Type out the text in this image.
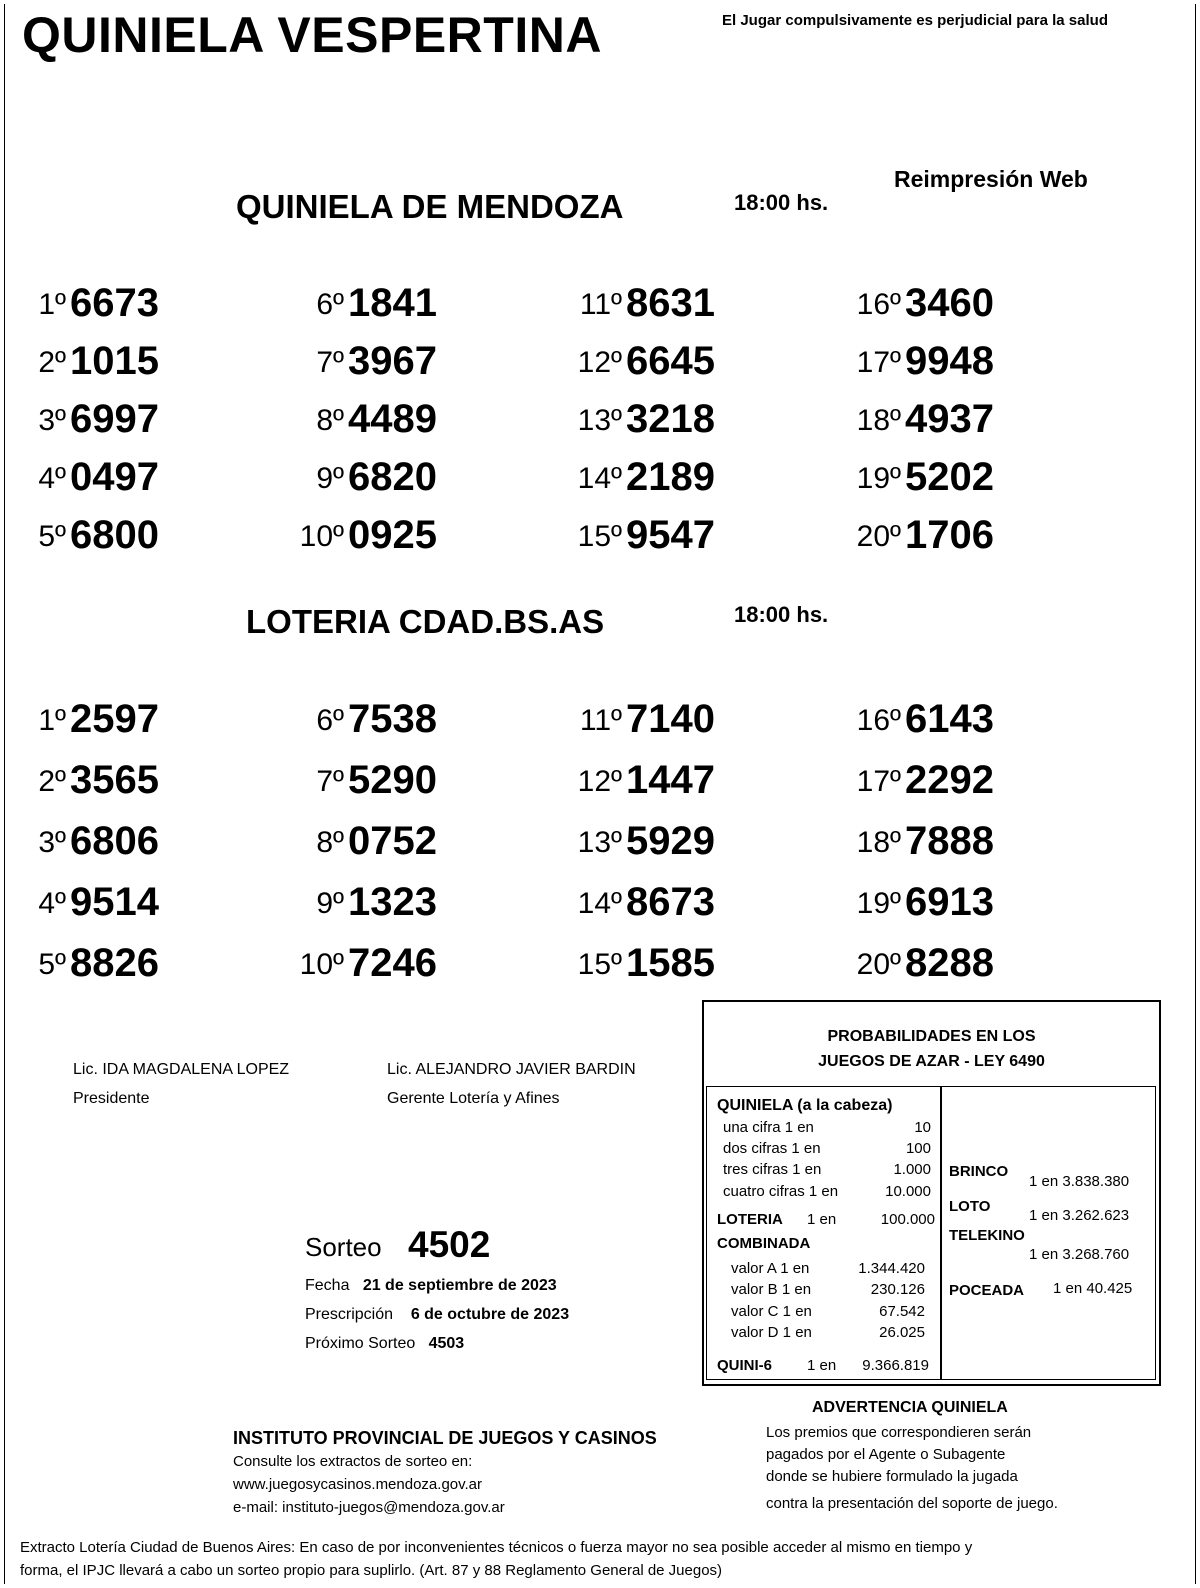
QUINIELA VESPERTINA	El Jugar compulsivamente es perjudicial para la salud
Reimpresión Web
QUINIELA DE MENDOZA	18:00 hs.
1º 6673	6º 1841	11º 8631	16º 3460
2º 1015	7º 3967	12º 6645	17º 9948
3º 6997	8º 4489	13º 3218	18º 4937
4º 0497	9º 6820	14º 2189	19º 5202
5º 6800	10º 0925	15º 9547	20º 1706
LOTERIA CDAD.BS.AS	18:00 hs.
1º 2597	6º 7538	11º 7140	16º 6143
2º 3565	7º 5290	12º 1447	17º 2292
3º 6806	8º 0752	13º 5929	18º 7888
4º 9514	9º 1323	14º 8673	19º 6913
5º 8826	10º 7246	15º 1585	20º 8288
Lic. IDA MAGDALENA LOPEZ
Presidente
Lic. ALEJANDRO JAVIER BARDIN
Gerente Lotería y Afines
Sorteo 4502
Fecha 21 de septiembre de 2023
Prescripción 6 de octubre de 2023
Próximo Sorteo 4503
PROBABILIDADES EN LOS
JUEGOS DE AZAR - LEY 6490
QUINIELA (a la cabeza)
una cifra 1 en	10
dos cifras 1 en	100
tres cifras 1 en	1.000
cuatro cifras 1 en	10.000
LOTERIA 1 en	100.000
COMBINADA
valor A 1 en	1.344.420
valor B 1 en	230.126
valor C 1 en	67.542
valor D 1 en	26.025
QUINI-6 1 en 9.366.819
BRINCO
1 en 3.838.380
LOTO
1 en 3.262.623
TELEKINO
1 en 3.268.760
POCEADA 1 en 40.425
ADVERTENCIA QUINIELA
Los premios que correspondieren serán
pagados por el Agente o Subagente
donde se hubiere formulado la jugada
contra la presentación del soporte de juego.
INSTITUTO PROVINCIAL DE JUEGOS Y CASINOS
Consulte los extractos de sorteo en:
www.juegosycasinos.mendoza.gov.ar
e-mail: instituto-juegos@mendoza.gov.ar
Extracto Lotería Ciudad de Buenos Aires: En caso de por inconvenientes técnicos o fuerza mayor no sea posible acceder al mismo en tiempo y
forma, el IPJC llevará a cabo un sorteo propio para suplirlo. (Art. 87 y 88 Reglamento General de Juegos)
